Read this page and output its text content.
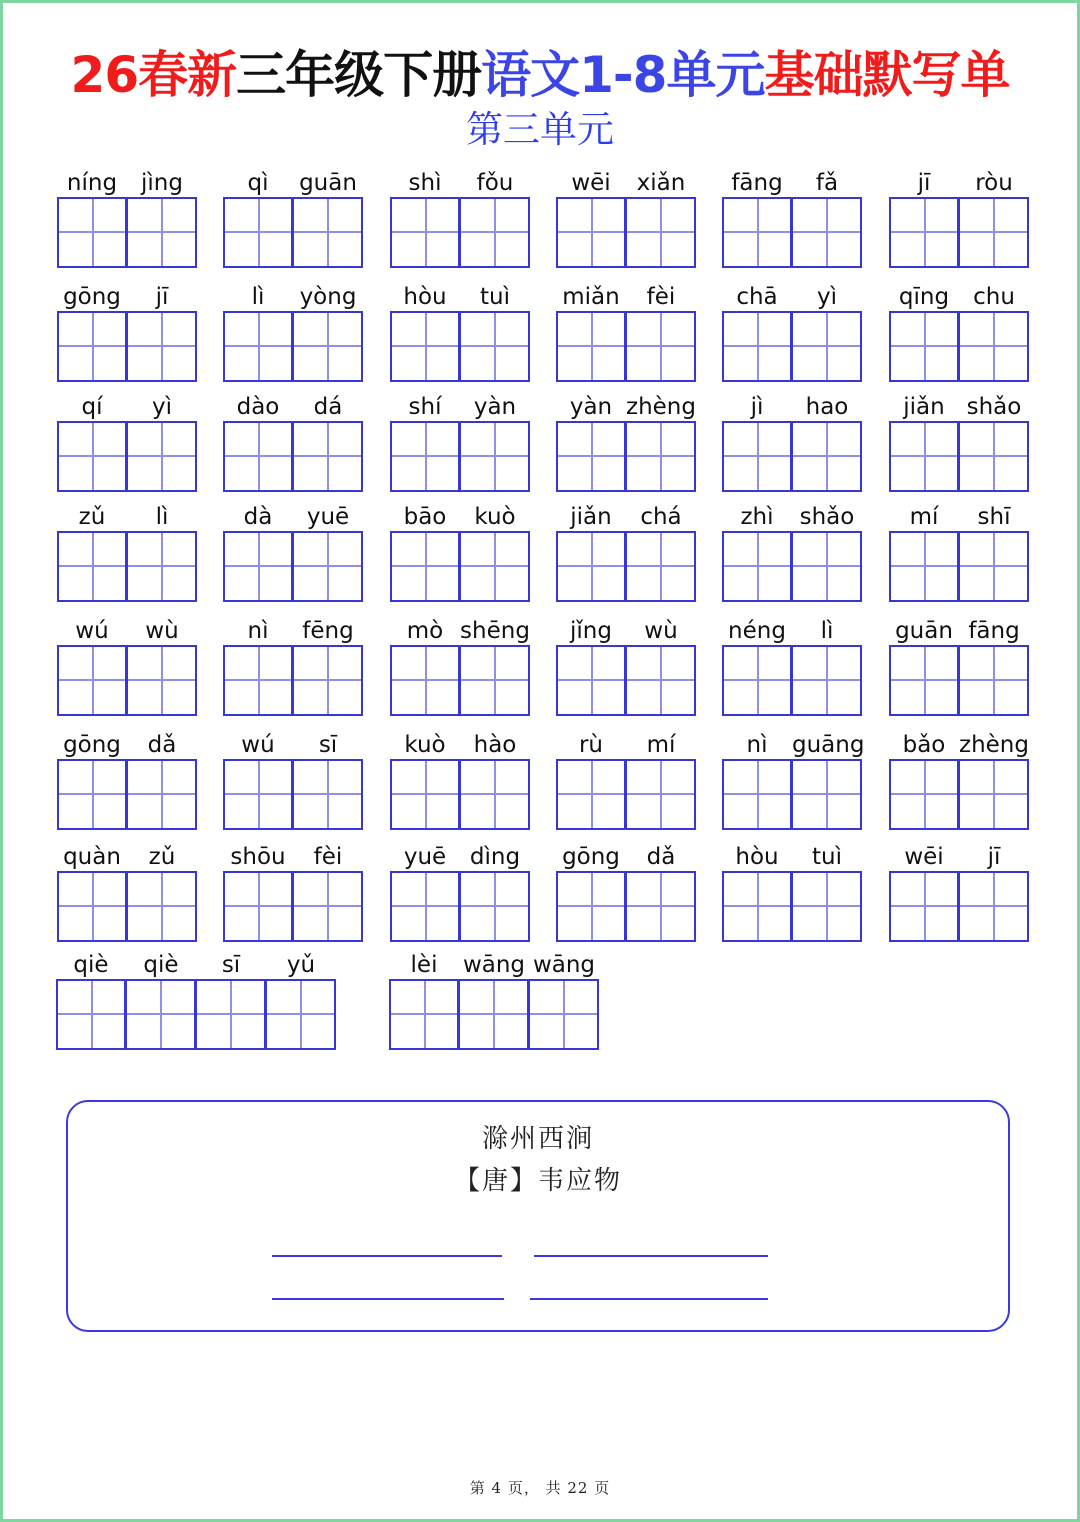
26春新三年级下册语文1-8单元基础默写单
第三单元
níng	jìng	qì	guān	shì	fǒu	wēi	xiǎn	fāng	fǎ	jī	ròu
gōng	jī	lì	yòng	hòu	tuì	miǎn	fèi	chā	yì	qīng	chu
qí	yì	dào	dá	shí	yàn	yàn zhèng	jì	hao	jiǎn shǎo
zǔ	lì	dà	yuē	bāo	kuò	jiǎn	chá	zhì	shǎo	mí	shī
wú	wù	nì	fēng	mò shēng	jǐng	wù	néng	lì	guān fāng
gōng	dǎ	wú	sī	kuò	hào	rù	mí	nì	guāng	bǎo zhèng
quàn	zǔ	shōu	fèi	yuē	dìng	gōng	dǎ	hòu	tuì	wēi	jī
qiè	qiè	sī	yǔ	lèi	wāng wāng
滁州西涧
【唐】韦应物
第 4 页， 共 22 页
